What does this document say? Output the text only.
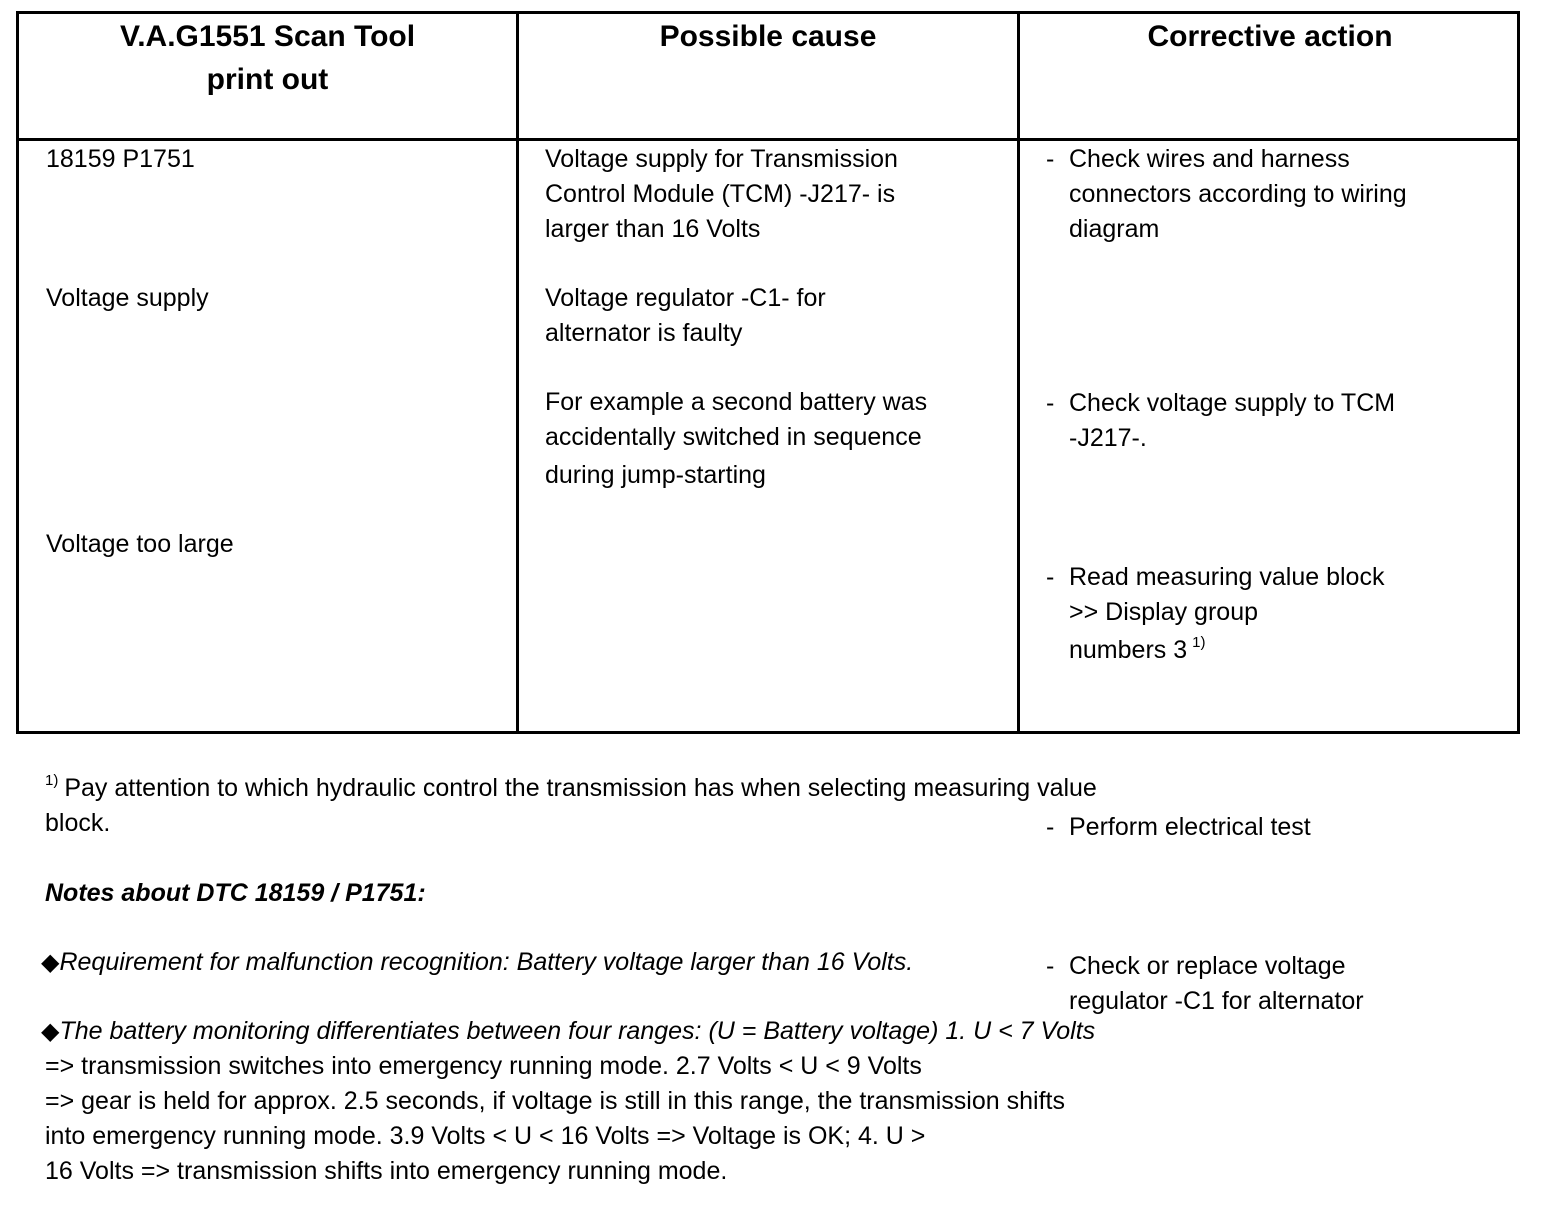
V.A.G1551 Scan Tool
print out
Possible cause	Corrective action
18159 P1751
Voltage supply
Voltage too large
Voltage supply for Transmission
Control Module (TCM) -J217- is
larger than 16 Volts
Voltage regulator -C1- for
alternator is faulty
For example a second battery was
accidentally switched in sequence
during jump-starting
- Check wires and harness
connectors according to wiring
diagram
- Check voltage supply to TCM
-J217-.
- Read measuring value block
>> Display group
numbers 3 $^{1)}$
- Perform electrical test
- Check or replace voltage
regulator -C1 for alternator
$^{1)}$ Pay attention to which hydraulic control the transmission has when selecting measuring value
block.
Notes about DTC 18159 / P1751:
◆Requirement for malfunction recognition: Battery voltage larger than 16 Volts.
◆The battery monitoring differentiates between four ranges: (U = Battery voltage) 1. U < 7 Volts
=> transmission switches into emergency running mode. 2.7 Volts < U < 9 Volts
=> gear is held for approx. 2.5 seconds, if voltage is still in this range, the transmission shifts
into emergency running mode. 3.9 Volts < U < 16 Volts => Voltage is OK; 4. U >
16 Volts => transmission shifts into emergency running mode.
